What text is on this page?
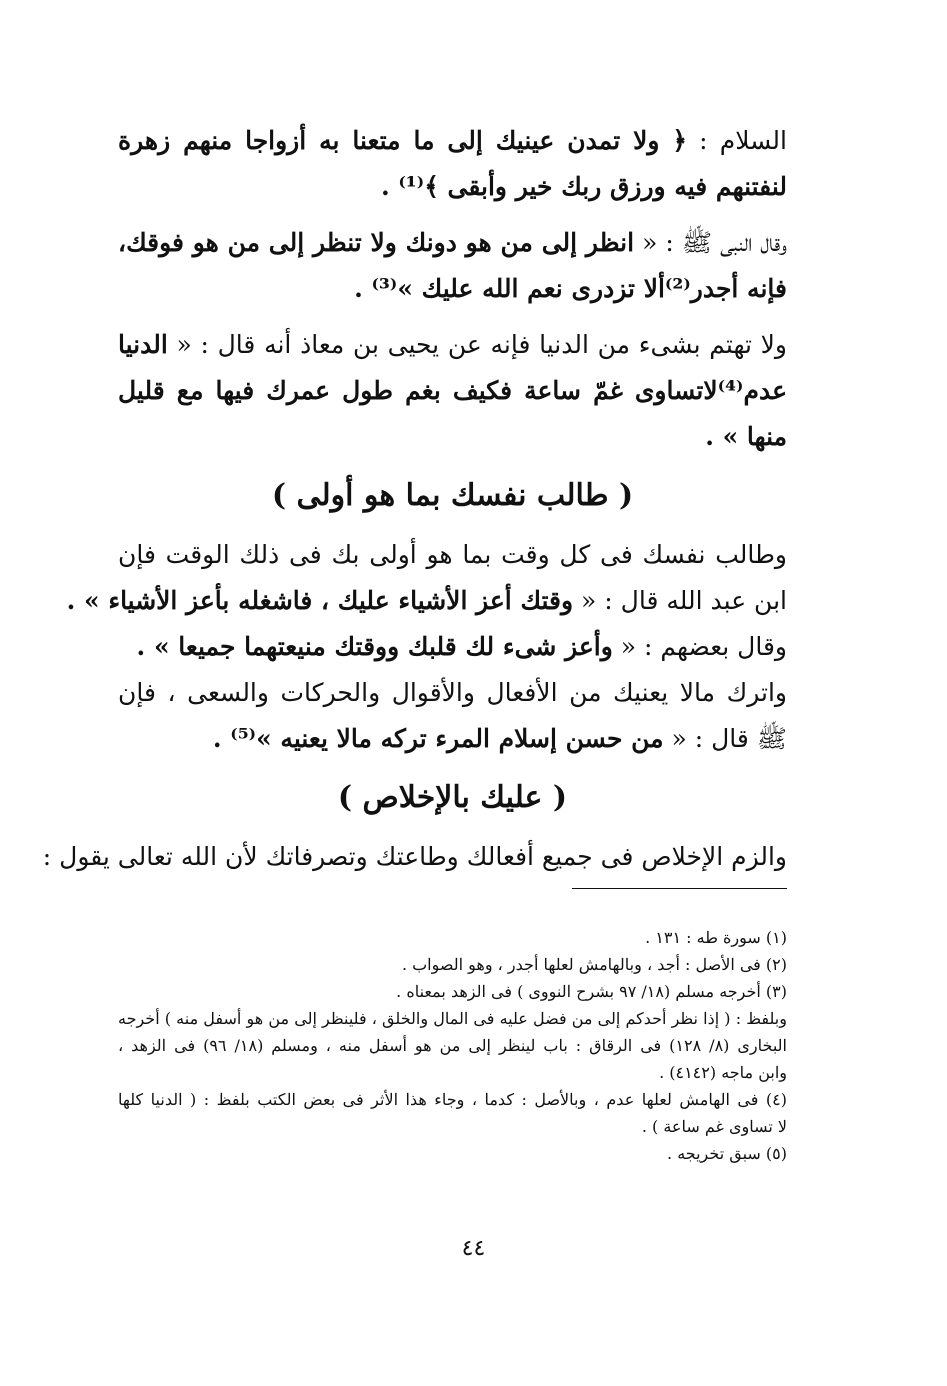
السلام : ﴿ ولا تمدن عينيك إلى ما متعنا به أزواجا منهم زهرة
لنفتنهم فيه ورزق ربك خير وأبقى ﴾⁽¹⁾ .
وقال النبى ﷺ : « انظر إلى من هو دونك ولا تنظر إلى من هو فوقك،
فإنه أجدر⁽²⁾ألا تزدرى نعم الله عليك »⁽³⁾ .
ولا تهتم بشىء من الدنيا فإنه عن يحيى بن معاذ أنه قال : « الدنيا
عدم⁽⁴⁾لاتساوى غمّ ساعة فكيف بغم طول عمرك فيها مع قليل
منها » .
( طالب نفسك بما هو أولى )
وطالب نفسك فى كل وقت بما هو أولى بك فى ذلك الوقت فإن
ابن عبد الله قال : « وقتك أعز الأشياء عليك ، فاشغله بأعز الأشياء » .
وقال بعضهم : « وأعز شىء لك قلبك ووقتك منيعتهما جميعا » .
واترك مالا يعنيك من الأفعال والأقوال والحركات والسعى ، فإن
ﷺ قال : « من حسن إسلام المرء تركه مالا يعنيه »⁽⁵⁾ .
( عليك بالإخلاص )
والزم الإخلاص فى جميع أفعالك وطاعتك وتصرفاتك لأن الله تعالى يقول :
(١) سورة طه : ١٣١ .
(٢) فى الأصل : أجد ، وبالهامش لعلها أجدر ، وهو الصواب .
(٣) أخرجه مسلم (١٨/ ٩٧ بشرح النووى ) فى الزهد بمعناه .
وبلفظ : ( إذا نظر أحدكم إلى من فضل عليه فى المال والخلق ، فلينظر إلى من هو أسفل منه ) أخرجه
البخارى (٨/ ١٢٨) فى الرقاق : باب لينظر إلى من هو أسفل منه ، ومسلم (١٨/ ٩٦) فى الزهد ،
وابن ماجه (٤١٤٢) .
(٤) فى الهامش لعلها عدم ، وبالأصل : كدما ، وجاء هذا الأثر فى بعض الكتب بلفظ : ( الدنيا كلها
لا تساوى غم ساعة ) .
(٥) سبق تخريجه .
٤٤
